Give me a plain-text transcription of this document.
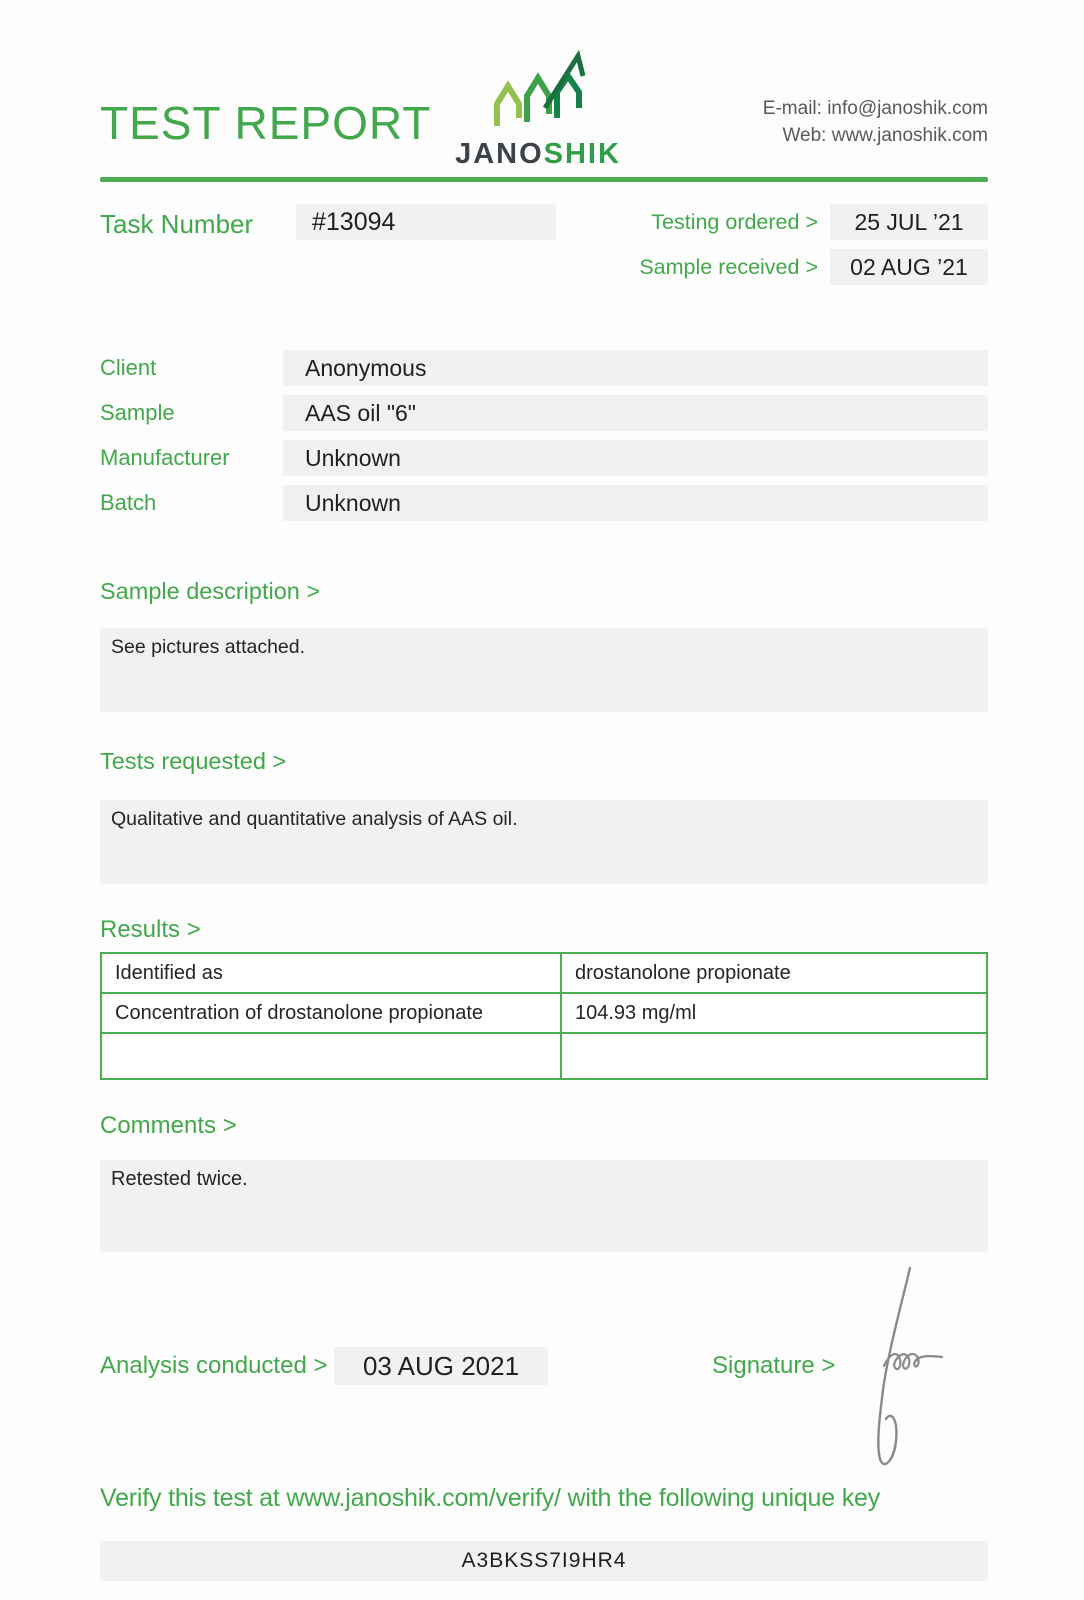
TEST REPORT
JANOSHIK
E-mail: info@janoshik.com
Web: www.janoshik.com
Task Number	#13094	Testing ordered >	25 JUL ’21
Sample received >	02 AUG ’21
Client	Anonymous
Sample	AAS oil "6"
Manufacturer	Unknown
Batch	Unknown
Sample description >
See pictures attached.
Tests requested >
Qualitative and quantitative analysis of AAS oil.
Results >
Identified as	drostanolone propionate
Concentration of drostanolone propionate	104.93 mg/ml

Comments >
Retested twice.
Analysis conducted >	03 AUG 2021	Signature >
Verify this test at www.janoshik.com/verify/ with the following unique key
A3BKSS7I9HR4
